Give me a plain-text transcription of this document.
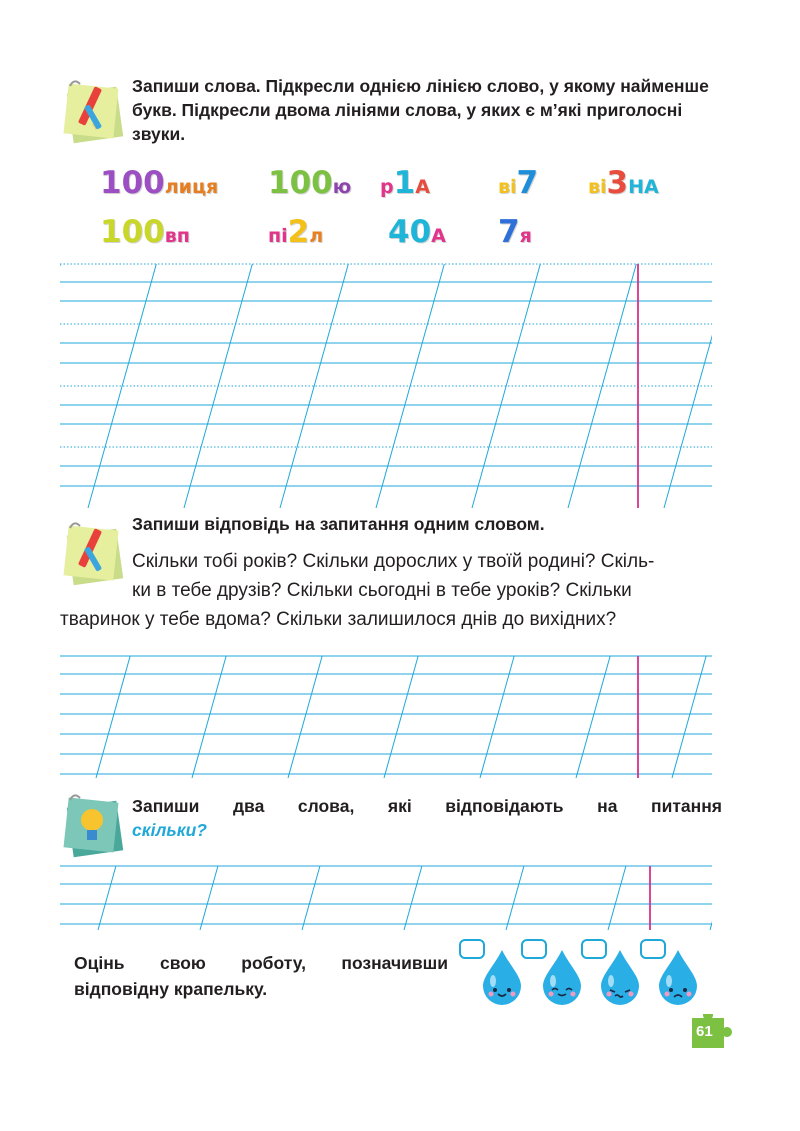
Запиши слова. Підкресли однією лінією слово, у якому найменше букв. Підкресли двома лініями слова, у яких є м’які приголосні звуки.
100лиця 100ю р1А	ві7	ві3НА
100вп	пі2л 40А 7я
Запиши відповідь на запитання одним словом.
Скільки тобі років? Скільки дорослих у твоїй родині? Скіль-
ки в тебе друзів? Скільки сьогодні в тебе уроків? Скільки
тваринок у тебе вдома? Скільки залишилося днів до вихідних?
Запиши два слова, які відповідають на питання
скільки?
Оцінь свою роботу, позначивши
відповідну крапельку.
61
